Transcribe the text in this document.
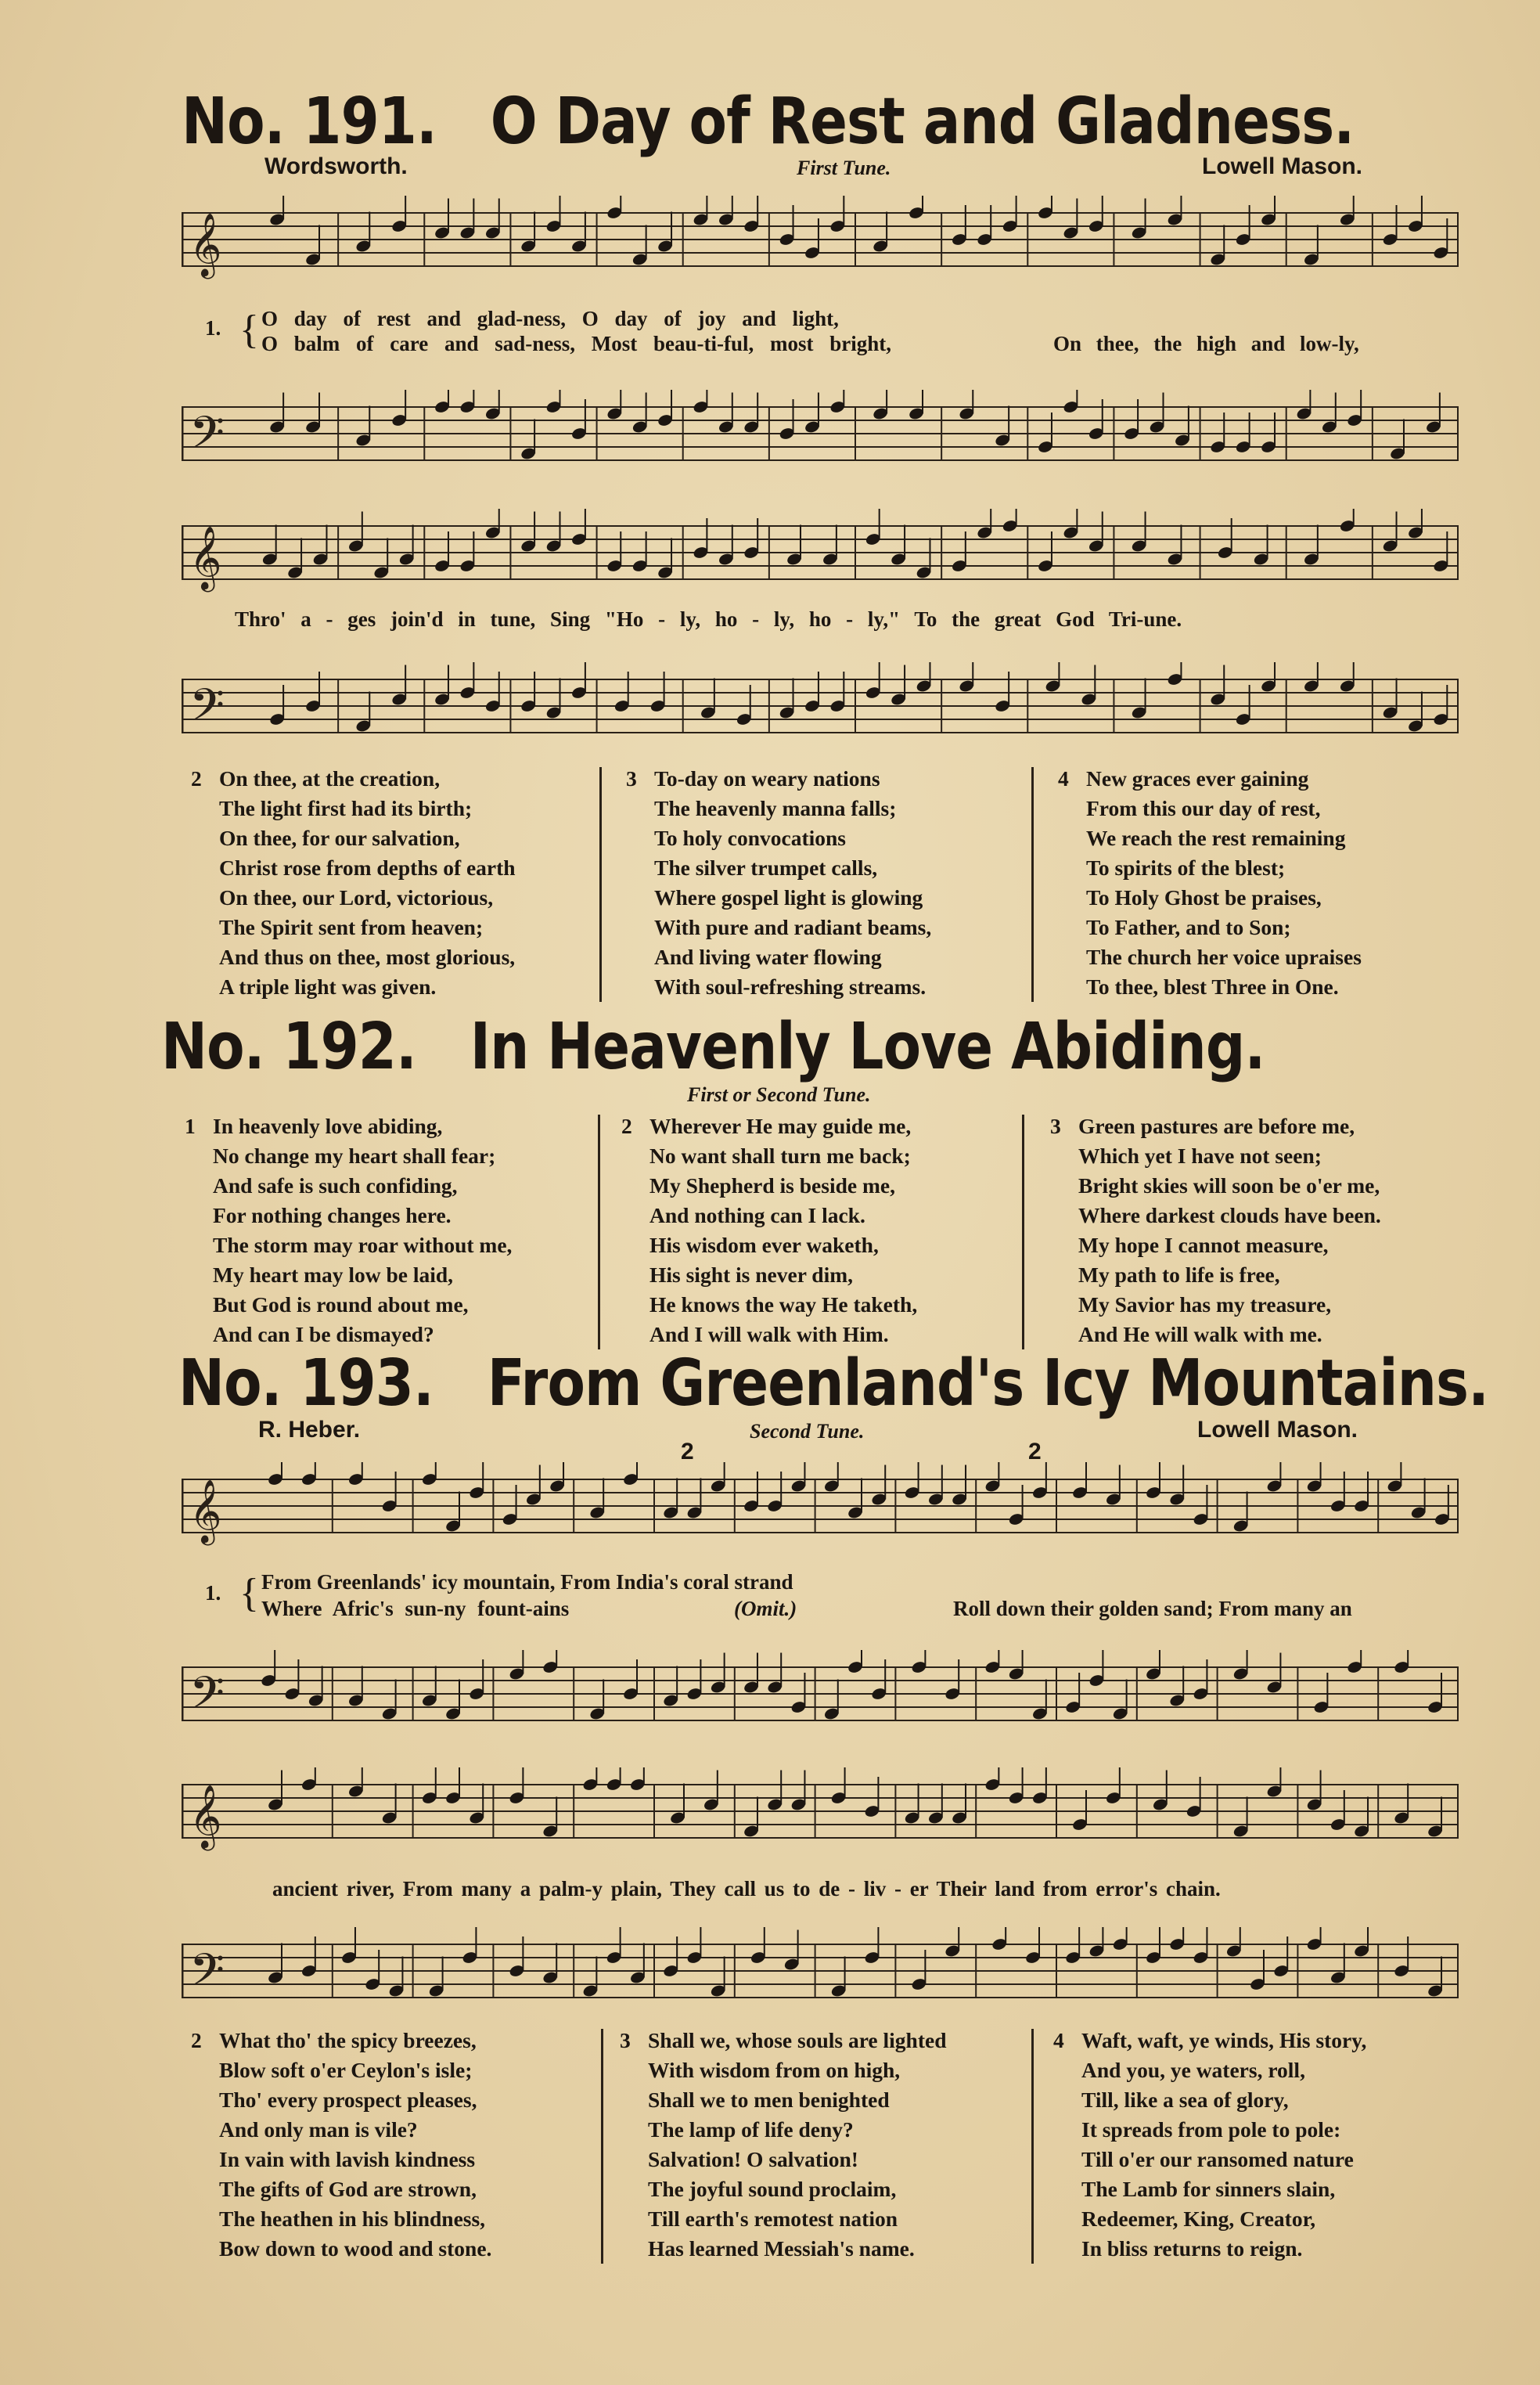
No. 191. O Day of Rest and Gladness.

Wordsworth.	First Tune.	Lowell Mason.

𝄞

1. { O day of rest and glad-ness, O day of joy and light,

O balm of care and sad-ness, Most beau-ti-ful, most bright,	On thee, the high and low-ly,

𝄢
𝄞

Thro' a - ges join'd in tune, Sing "Ho - ly, ho - ly, ho - ly," To the great God Tri-une.

𝄢
2 On thee, at the creation,
The light first had its birth;
On thee, for our salvation,
Christ rose from depths of earth
On thee, our Lord, victorious,
The Spirit sent from heaven;
And thus on thee, most glorious,
A triple light was given.
3 To-day on weary nations
The heavenly manna falls;
To holy convocations
The silver trumpet calls,
Where gospel light is glowing
With pure and radiant beams,
And living water flowing
With soul-refreshing streams.
4 New graces ever gaining
From this our day of rest,
We reach the rest remaining
To spirits of the blest;
To Holy Ghost be praises,
To Father, and to Son;
The church her voice upraises
To thee, blest Three in One.
No. 192. In Heavenly Love Abiding.

First or Second Tune.

1 In heavenly love abiding,
No change my heart shall fear;
And safe is such confiding,
For nothing changes here.
The storm may roar without me,
My heart may low be laid,
But God is round about me,
And can I be dismayed?
2 Wherever He may guide me,
No want shall turn me back;
My Shepherd is beside me,
And nothing can I lack.
His wisdom ever waketh,
His sight is never dim,
He knows the way He taketh,
And I will walk with Him.
3 Green pastures are before me,
Which yet I have not seen;
Bright skies will soon be o'er me,
Where darkest clouds have been.
My hope I cannot measure,
My path to life is free,
My Savior has my treasure,
And He will walk with me.
No. 193. From Greenland's Icy Mountains.

R. Heber.	Second Tune.	Lowell Mason.

2	2
𝄞

1. { From Greenlands' icy mountain, From India's coral strand

Where Afric's sun-ny fount-ains	(Omit.)	Roll down their golden sand; From many an

𝄢
𝄞

ancient river, From many a palm-y plain, They call us to de - liv - er Their land from error's chain.

𝄢
2 What tho' the spicy breezes,
Blow soft o'er Ceylon's isle;
Tho' every prospect pleases,
And only man is vile?
In vain with lavish kindness
The gifts of God are strown,
The heathen in his blindness,
Bow down to wood and stone.
3 Shall we, whose souls are lighted
With wisdom from on high,
Shall we to men benighted
The lamp of life deny?
Salvation! O salvation!
The joyful sound proclaim,
Till earth's remotest nation
Has learned Messiah's name.
4 Waft, waft, ye winds, His story,
And you, ye waters, roll,
Till, like a sea of glory,
It spreads from pole to pole:
Till o'er our ransomed nature
The Lamb for sinners slain,
Redeemer, King, Creator,
In bliss returns to reign.
